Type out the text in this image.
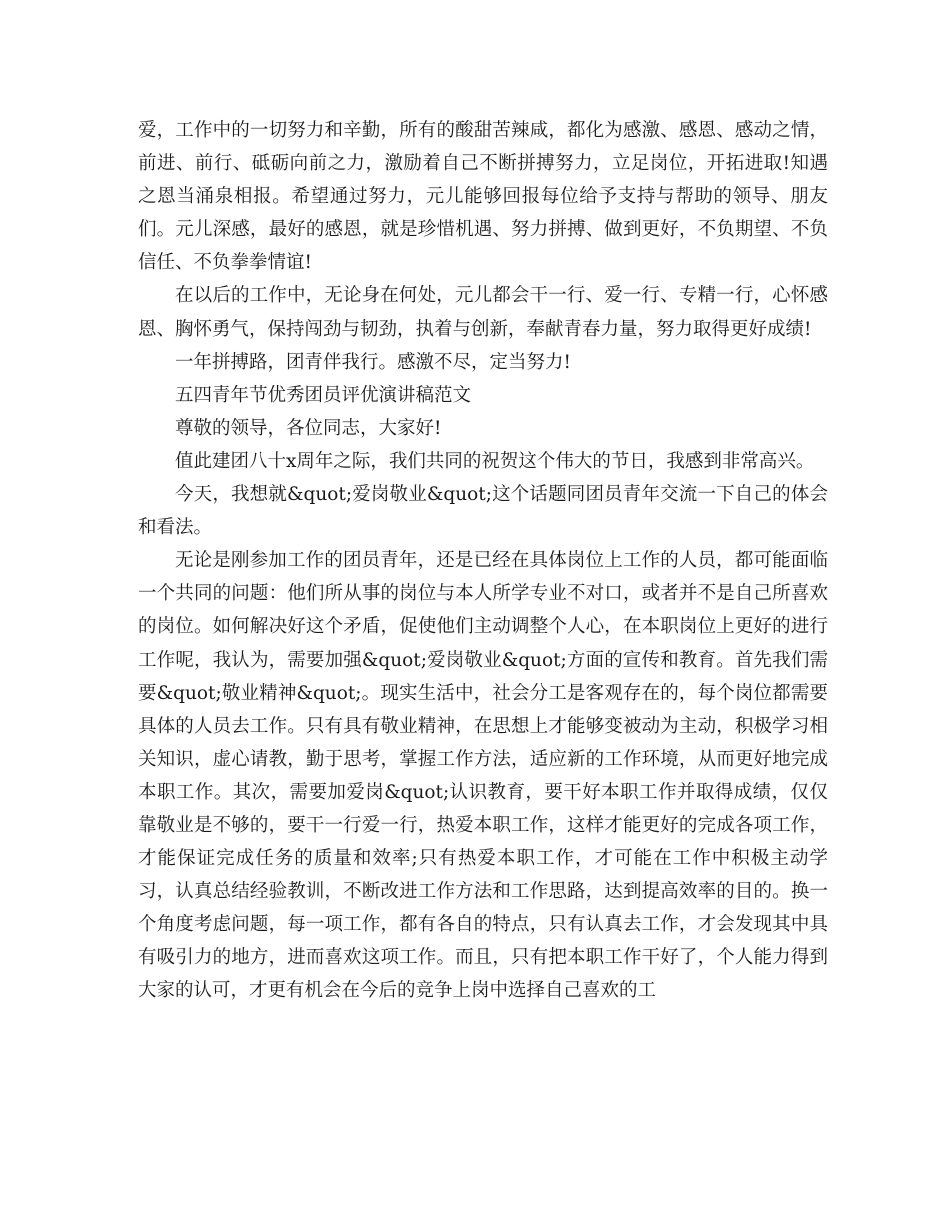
爱，工作中的一切努力和辛勤，所有的酸甜苦辣咸，都化为感激、感恩、感动之情，前进、前行、砥砺向前之力，激励着自己不断拼搏努力，立足岗位，开拓进取!知遇之恩当涌泉相报。希望通过努力，元儿能够回报每位给予支持与帮助的领导、朋友们。元儿深感，最好的感恩，就是珍惜机遇、努力拼搏、做到更好，不负期望、不负信任、不负拳拳情谊!

在以后的工作中，无论身在何处，元儿都会干一行、爱一行、专精一行，心怀感恩、胸怀勇气，保持闯劲与韧劲，执着与创新，奉献青春力量，努力取得更好成绩!

一年拼搏路，团青伴我行。感激不尽，定当努力!

五四青年节优秀团员评优演讲稿范文

尊敬的领导，各位同志，大家好!

值此建团八十x周年之际，我们共同的祝贺这个伟大的节日，我感到非常高兴。

今天，我想就&quot;爱岗敬业&quot;这个话题同团员青年交流一下自己的体会和看法。

无论是刚参加工作的团员青年，还是已经在具体岗位上工作的人员，都可能面临一个共同的问题：他们所从事的岗位与本人所学专业不对口，或者并不是自己所喜欢的岗位。如何解决好这个矛盾，促使他们主动调整个人心，在本职岗位上更好的进行工作呢，我认为，需要加强&quot;爱岗敬业&quot;方面的宣传和教育。首先我们需要&quot;敬业精神&quot;。现实生活中，社会分工是客观存在的，每个岗位都需要具体的人员去工作。只有具有敬业精神，在思想上才能够变被动为主动，积极学习相关知识，虚心请教，勤于思考，掌握工作方法，适应新的工作环境，从而更好地完成本职工作。其次，需要加爱岗&quot;认识教育，要干好本职工作并取得成绩，仅仅靠敬业是不够的，要干一行爱一行，热爱本职工作，这样才能更好的完成各项工作，才能保证完成任务的质量和效率;只有热爱本职工作，才可能在工作中积极主动学习，认真总结经验教训，不断改进工作方法和工作思路，达到提高效率的目的。换一个角度考虑问题，每一项工作，都有各自的特点，只有认真去工作，才会发现其中具有吸引力的地方，进而喜欢这项工作。而且，只有把本职工作干好了，个人能力得到大家的认可，才更有机会在今后的竞争上岗中选择自己喜欢的工
